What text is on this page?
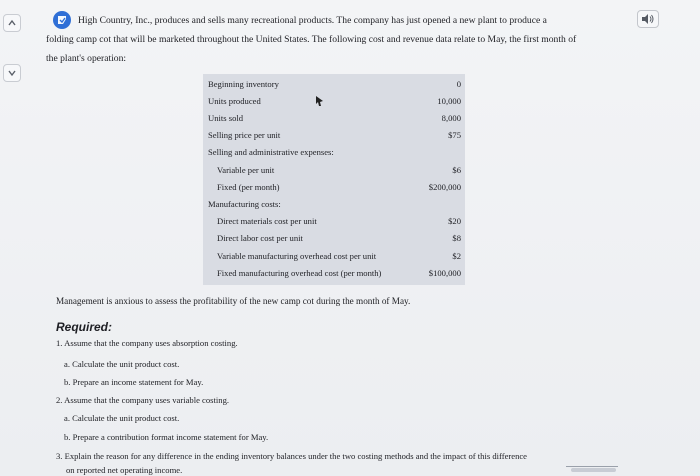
High Country, Inc., produces and sells many recreational products. The company has just opened a new plant to produce a
folding camp cot that will be marketed throughout the United States. The following cost and revenue data relate to May, the first month of
the plant's operation:
Beginning inventory	0
Units produced	10,000
Units sold	8,000
Selling price per unit	$75
Selling and administrative expenses:
Variable per unit	$6
Fixed (per month)	$200,000
Manufacturing costs:
Direct materials cost per unit	$20
Direct labor cost per unit	$8
Variable manufacturing overhead cost per unit	$2
Fixed manufacturing overhead cost (per month)	$100,000
Management is anxious to assess the profitability of the new camp cot during the month of May.
Required:
1. Assume that the company uses absorption costing.
a. Calculate the unit product cost.
b. Prepare an income statement for May.
2. Assume that the company uses variable costing.
a. Calculate the unit product cost.
b. Prepare a contribution format income statement for May.
3. Explain the reason for any difference in the ending inventory balances under the two costing methods and the impact of this difference
on reported net operating income.
